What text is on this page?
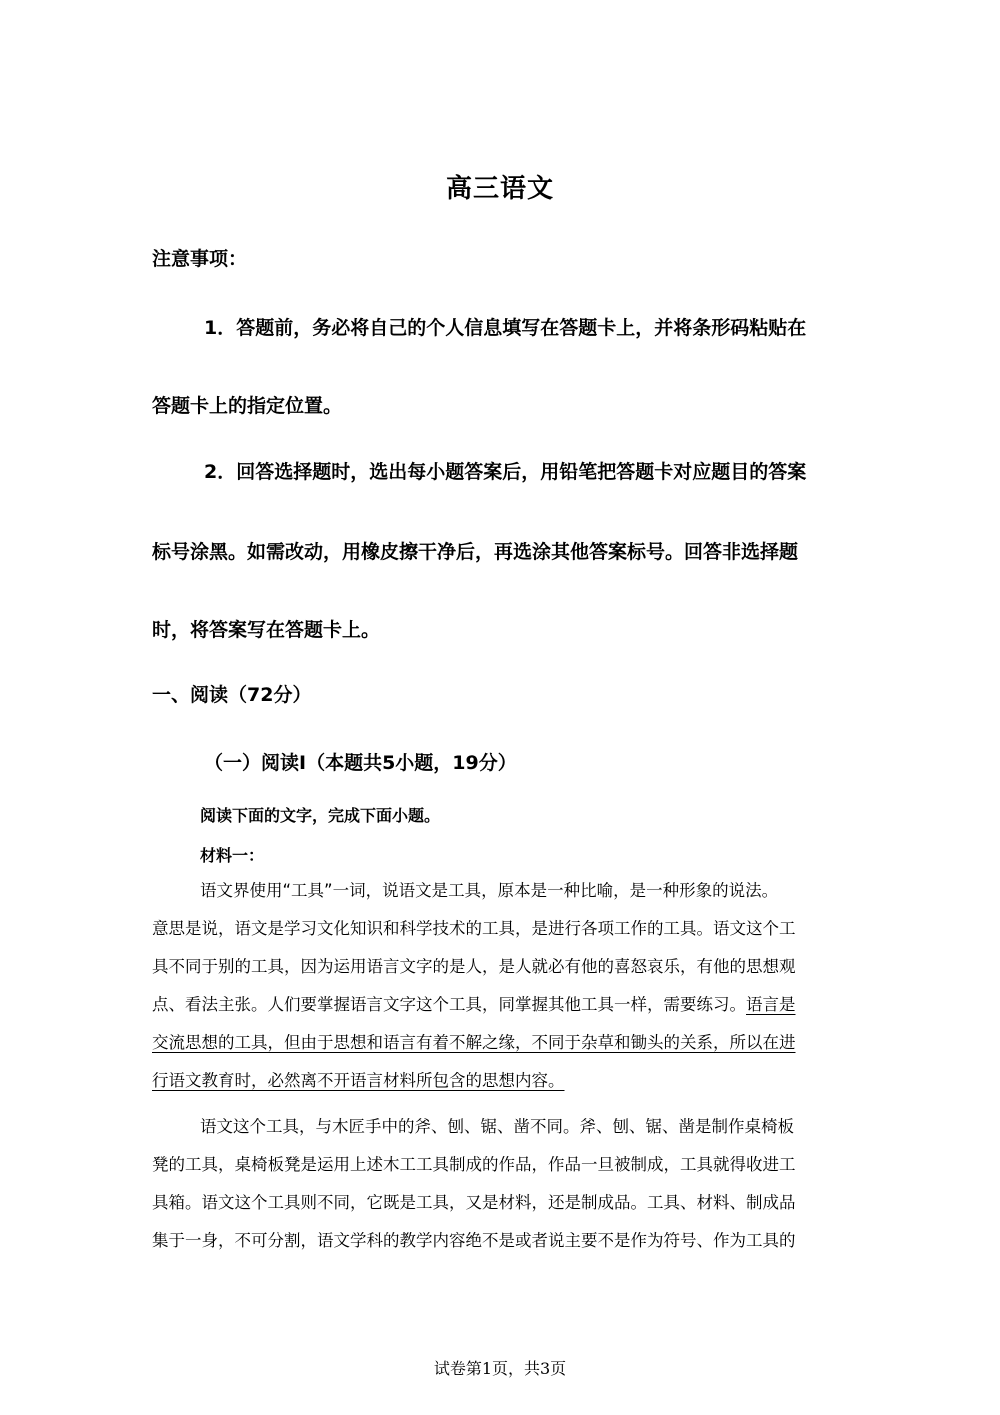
高三语文
注意事项：
1．答题前，务必将自己的个人信息填写在答题卡上，并将条形码粘贴在
答题卡上的指定位置。
2．回答选择题时，选出每小题答案后，用铅笔把答题卡对应题目的答案
标号涂黑。如需改动，用橡皮擦干净后，再选涂其他答案标号。回答非选择题
时，将答案写在答题卡上。
一、阅读（72分）
（一）阅读Ⅰ（本题共5小题，19分）
阅读下面的文字，完成下面小题。
材料一：
语文界使用“工具”一词，说语文是工具，原本是一种比喻，是一种形象的说法。
意思是说，语文是学习文化知识和科学技术的工具，是进行各项工作的工具。语文这个工
具不同于别的工具，因为运用语言文字的是人，是人就必有他的喜怒哀乐，有他的思想观
点、看法主张。人们要掌握语言文字这个工具，同掌握其他工具一样，需要练习。语言是
交流思想的工具，但由于思想和语言有着不解之缘，不同于杂草和锄头的关系，所以在进
行语文教育时，必然离不开语言材料所包含的思想内容。
语文这个工具，与木匠手中的斧、刨、锯、凿不同。斧、刨、锯、凿是制作桌椅板
凳的工具，桌椅板凳是运用上述木工工具制成的作品，作品一旦被制成，工具就得收进工
具箱。语文这个工具则不同，它既是工具，又是材料，还是制成品。工具、材料、制成品
集于一身，不可分割，语文学科的教学内容绝不是或者说主要不是作为符号、作为工具的
试卷第1页，共3页
